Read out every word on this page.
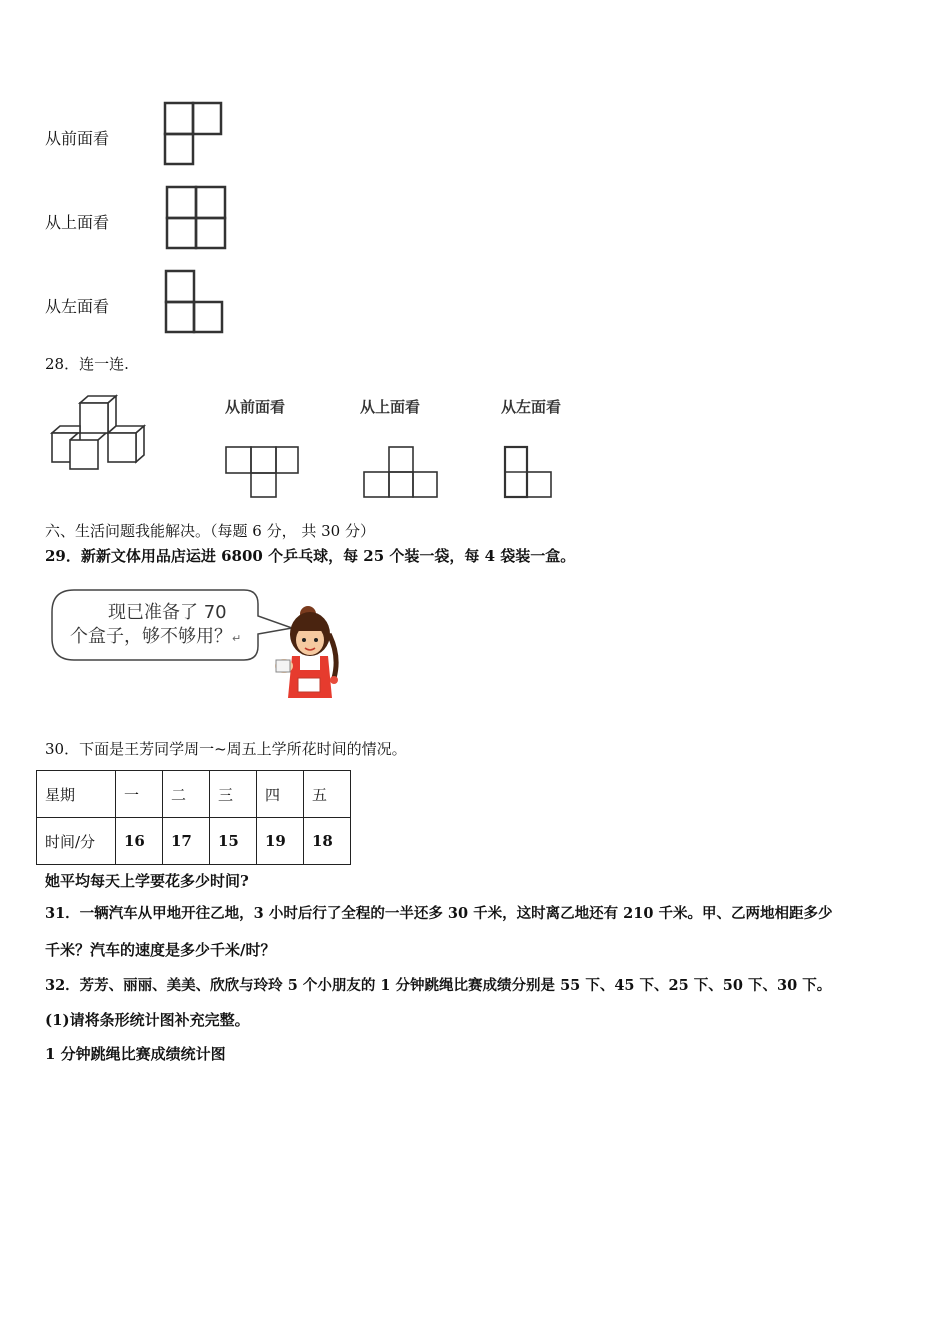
从前面看
从上面看
从左面看
28．连一连.
从前面看	从上面看	从左面看
六、生活问题我能解决。（每题 6 分， 共 30 分）
29．新新文体用品店运进 6800 个乒乓球，每 25 个装一袋，每 4 袋装一盒。
现已准备了 70
个盒子，够不够用？↵
30．下面是王芳同学周一~周五上学所花时间的情况。
星期	一	二	三	四	五
时间/分	16	17	15	19	18
她平均每天上学要花多少时间?
31．一辆汽车从甲地开往乙地，3 小时后行了全程的一半还多 30 千米，这时离乙地还有 210 千米。甲、乙两地相距多少
千米？汽车的速度是多少千米/时？
32．芳芳、丽丽、美美、欣欣与玲玲 5 个小朋友的 1 分钟跳绳比赛成绩分别是 55 下、45 下、25 下、50 下、30 下。
(1)请将条形统计图补充完整。
1 分钟跳绳比赛成绩统计图
